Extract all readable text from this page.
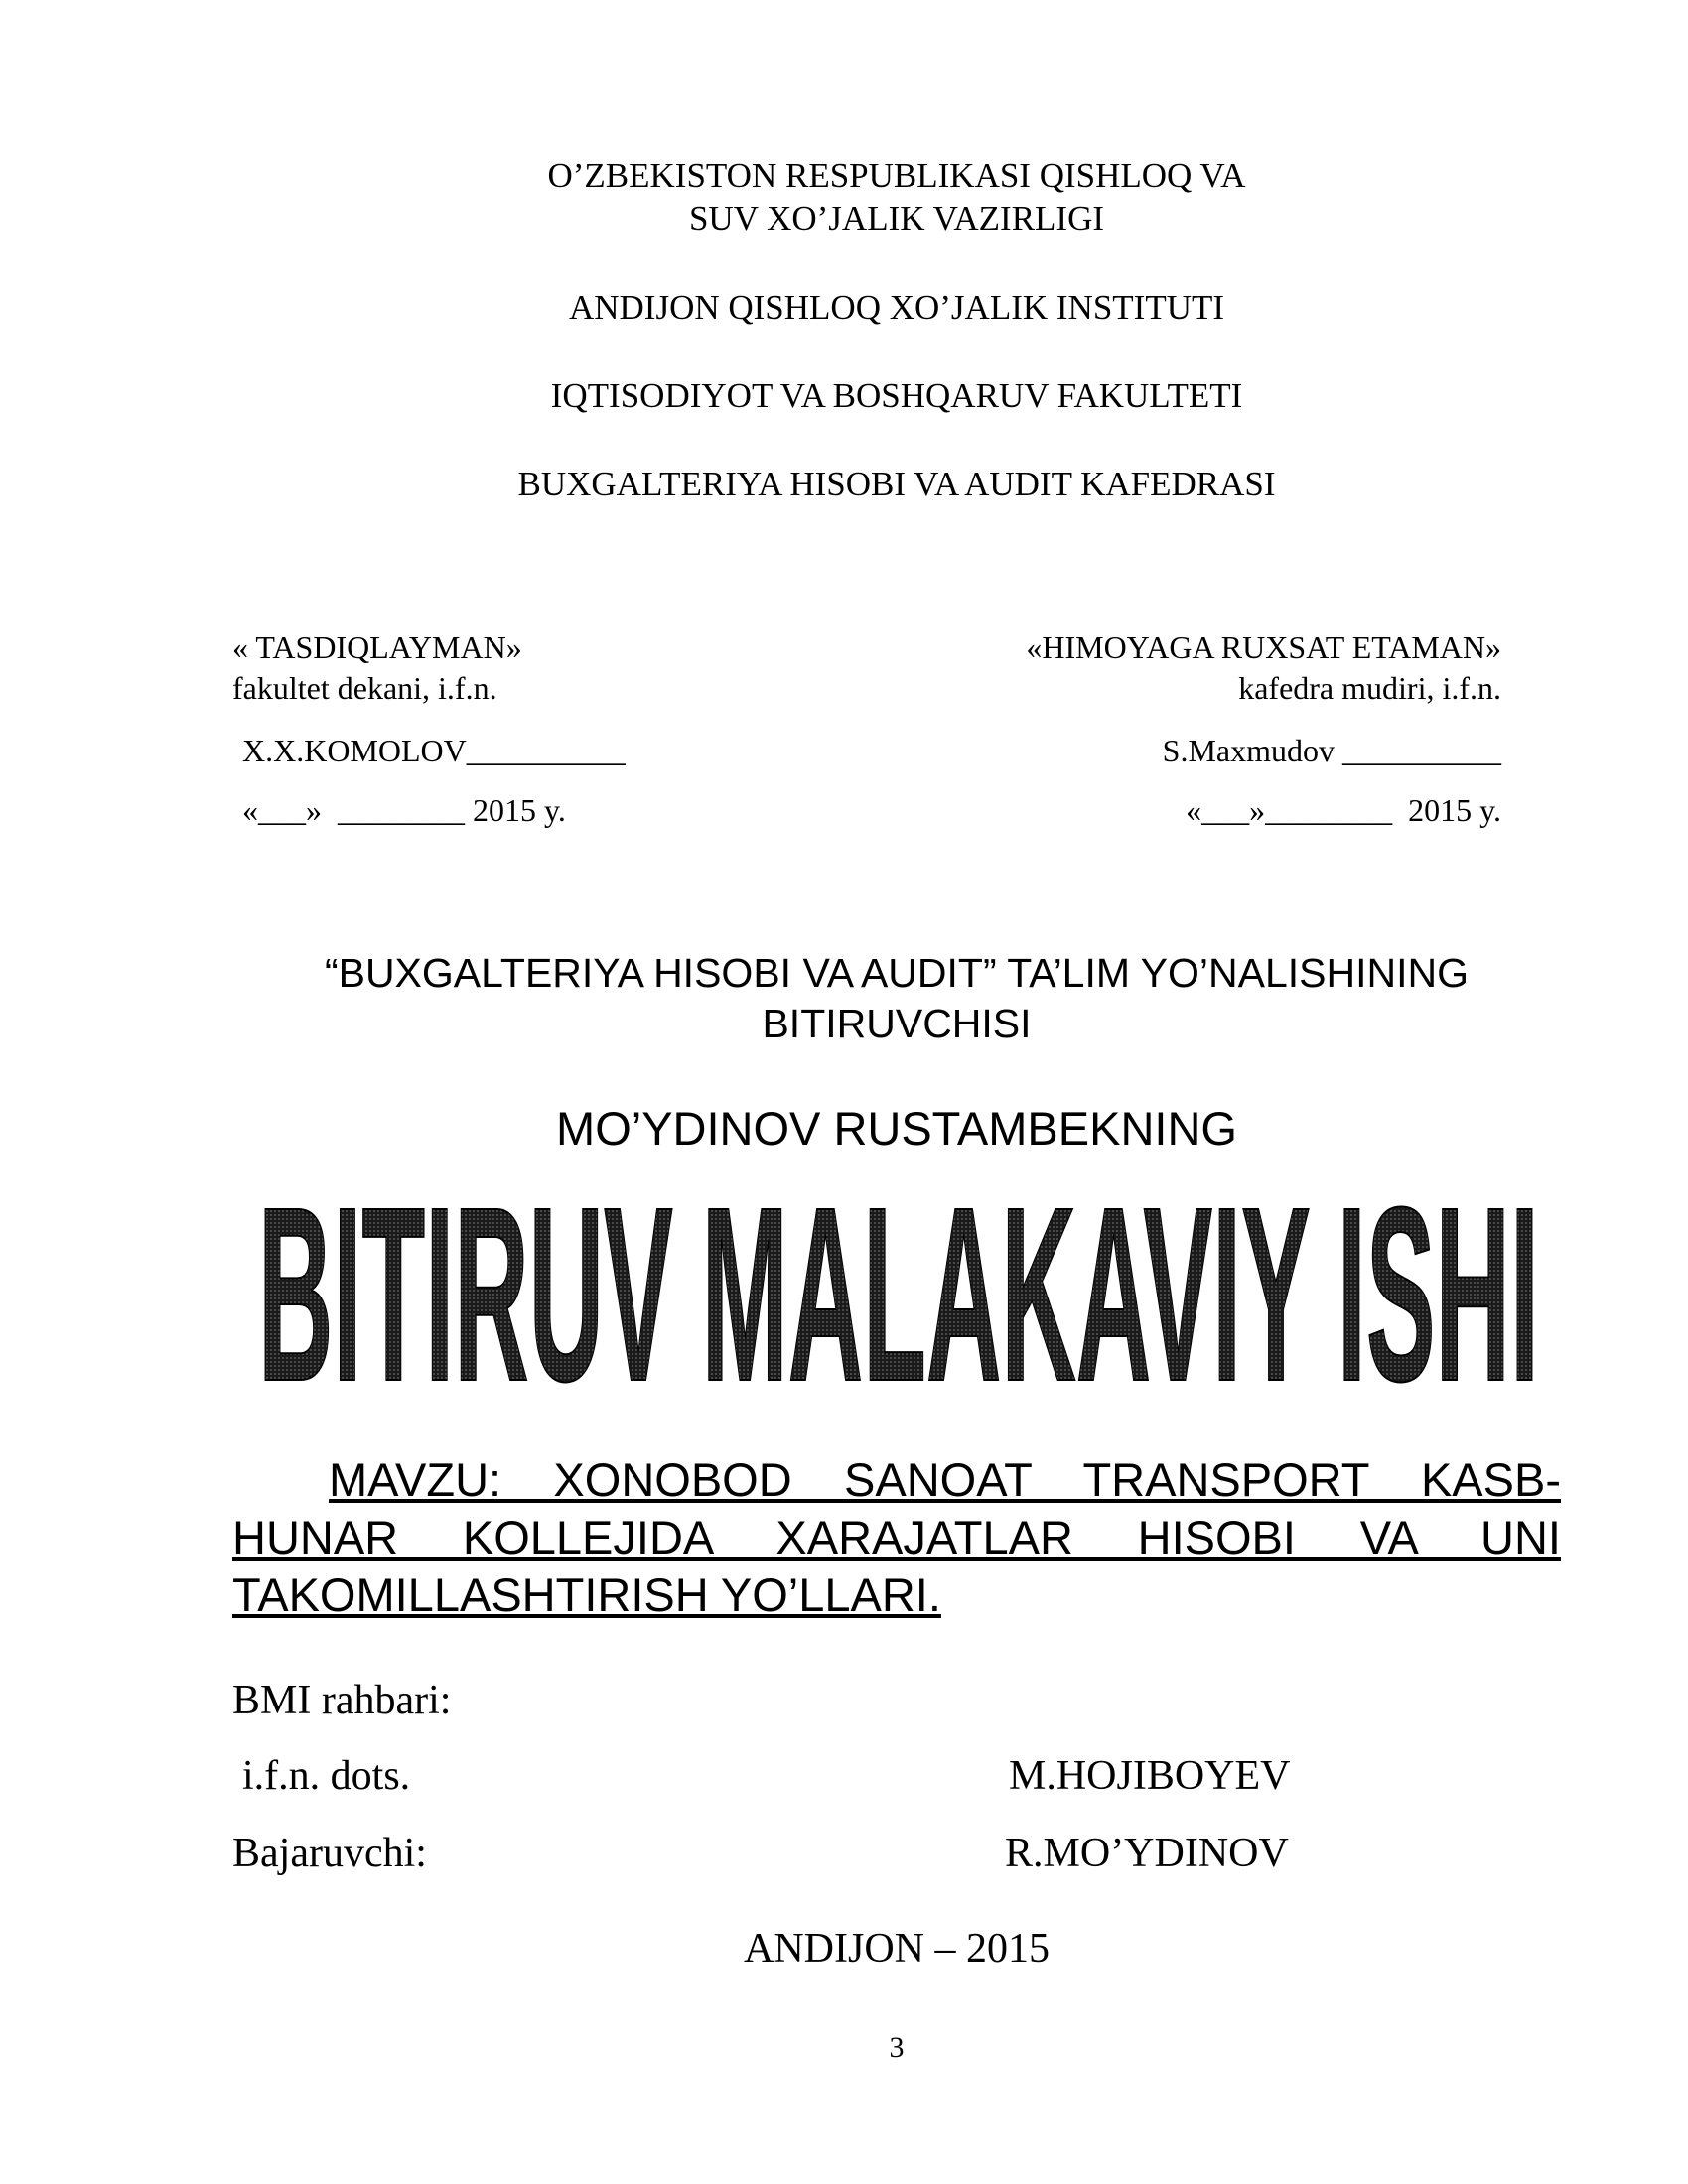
O’ZBEKISTON RESPUBLIKASI QISHLOQ VA
SUV XO’JALIK VAZIRLIGI
ANDIJON QISHLOQ XO’JALIK INSTITUTI
IQTISODIYOT VA BOSHQARUV FAKULTETI
BUXGALTERIYA HISOBI VA AUDIT KAFEDRASI
« TASDIQLAYMAN»
fakultet dekani, i.f.n.
X.X.KOMOLOV__________
«___»  ________ 2015 y.
«HIMOYAGA RUXSAT ETAMAN»
kafedra mudiri, i.f.n.
S.Maxmudov __________
«___»________  2015 y.
“BUXGALTERIYA HISOBI VA AUDIT” TA’LIM YO’NALISHINING
BITIRUVCHISI
MO’YDINOV RUSTAMBEKNING
BITIRUV MALAKAVIY ISHI
MAVZU: XONOBOD SANOAT TRANSPORT KASB-HUNAR KOLLEJIDA XARAJATLAR HISOBI VA UNI TAKOMILLASHTIRISH YO’LLARI.
BMI rahbari:
i.f.n. dots.	M.HOJIBOYEV
Bajaruvchi:	R.MO’YDINOV
ANDIJON – 2015
3
